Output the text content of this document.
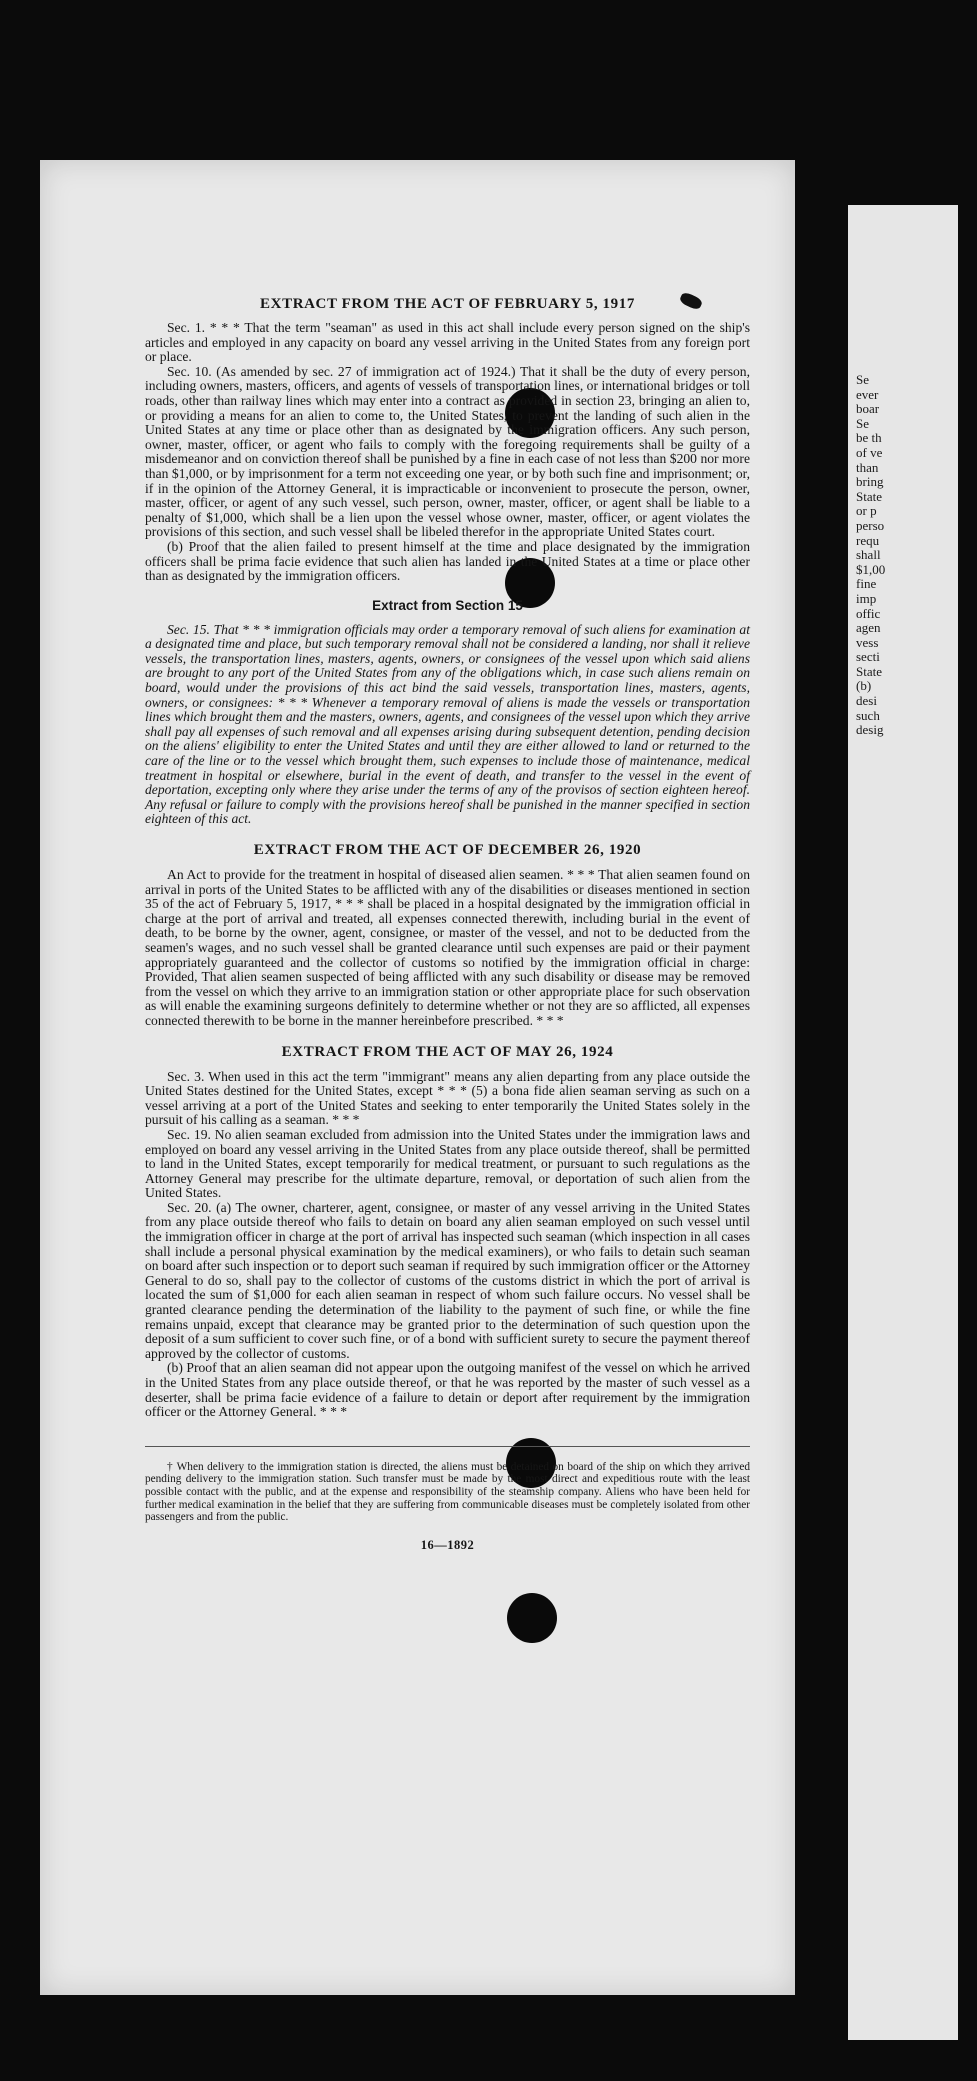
EXTRACT FROM THE ACT OF FEBRUARY 5, 1917

Sec. 1. * * * That the term "seaman" as used in this act shall include every person signed on the ship's articles and employed in any capacity on board any vessel arriving in the United States from any foreign port or place.

Sec. 10. (As amended by sec. 27 of immigration act of 1924.) That it shall be the duty of every person, including owners, masters, officers, and agents of vessels of transportation lines, or international bridges or toll roads, other than railway lines which may enter into a contract as provided in section 23, bringing an alien to, or providing a means for an alien to come to, the United States, to prevent the landing of such alien in the United States at any time or place other than as designated by the immigration officers. Any such person, owner, master, officer, or agent who fails to comply with the foregoing requirements shall be guilty of a misdemeanor and on conviction thereof shall be punished by a fine in each case of not less than $200 nor more than $1,000, or by imprisonment for a term not exceeding one year, or by both such fine and imprisonment; or, if in the opinion of the Attorney General, it is impracticable or inconvenient to prosecute the person, owner, master, officer, or agent of any such vessel, such person, owner, master, officer, or agent shall be liable to a penalty of $1,000, which shall be a lien upon the vessel whose owner, master, officer, or agent violates the provisions of this section, and such vessel shall be libeled therefor in the appropriate United States court.

(b) Proof that the alien failed to present himself at the time and place designated by the immigration officers shall be prima facie evidence that such alien has landed in the United States at a time or place other than as designated by the immigration officers.

Extract from Section 15

Sec. 15. That * * * immigration officials may order a temporary removal of such aliens for examination at a designated time and place, but such temporary removal shall not be considered a landing, nor shall it relieve vessels, the transportation lines, masters, agents, owners, or consignees of the vessel upon which said aliens are brought to any port of the United States from any of the obligations which, in case such aliens remain on board, would under the provisions of this act bind the said vessels, transportation lines, masters, agents, owners, or consignees: * * * Whenever a temporary removal of aliens is made the vessels or transportation lines which brought them and the masters, owners, agents, and consignees of the vessel upon which they arrive shall pay all expenses of such removal and all expenses arising during subsequent detention, pending decision on the aliens' eligibility to enter the United States and until they are either allowed to land or returned to the care of the line or to the vessel which brought them, such expenses to include those of maintenance, medical treatment in hospital or elsewhere, burial in the event of death, and transfer to the vessel in the event of deportation, excepting only where they arise under the terms of any of the provisos of section eighteen hereof. Any refusal or failure to comply with the provisions hereof shall be punished in the manner specified in section eighteen of this act.

EXTRACT FROM THE ACT OF DECEMBER 26, 1920

An Act to provide for the treatment in hospital of diseased alien seamen. * * * That alien seamen found on arrival in ports of the United States to be afflicted with any of the disabilities or diseases mentioned in section 35 of the act of February 5, 1917, * * * shall be placed in a hospital designated by the immigration official in charge at the port of arrival and treated, all expenses connected therewith, including burial in the event of death, to be borne by the owner, agent, consignee, or master of the vessel, and not to be deducted from the seamen's wages, and no such vessel shall be granted clearance until such expenses are paid or their payment appropriately guaranteed and the collector of customs so notified by the immigration official in charge: Provided, That alien seamen suspected of being afflicted with any such disability or disease may be removed from the vessel on which they arrive to an immigration station or other appropriate place for such observation as will enable the examining surgeons definitely to determine whether or not they are so afflicted, all expenses connected therewith to be borne in the manner hereinbefore prescribed. * * *

EXTRACT FROM THE ACT OF MAY 26, 1924

Sec. 3. When used in this act the term "immigrant" means any alien departing from any place outside the United States destined for the United States, except * * * (5) a bona fide alien seaman serving as such on a vessel arriving at a port of the United States and seeking to enter temporarily the United States solely in the pursuit of his calling as a seaman. * * *

Sec. 19. No alien seaman excluded from admission into the United States under the immigration laws and employed on board any vessel arriving in the United States from any place outside thereof, shall be permitted to land in the United States, except temporarily for medical treatment, or pursuant to such regulations as the Attorney General may prescribe for the ultimate departure, removal, or deportation of such alien from the United States.

Sec. 20. (a) The owner, charterer, agent, consignee, or master of any vessel arriving in the United States from any place outside thereof who fails to detain on board any alien seaman employed on such vessel until the immigration officer in charge at the port of arrival has inspected such seaman (which inspection in all cases shall include a personal physical examination by the medical examiners), or who fails to detain such seaman on board after such inspection or to deport such seaman if required by such immigration officer or the Attorney General to do so, shall pay to the collector of customs of the customs district in which the port of arrival is located the sum of $1,000 for each alien seaman in respect of whom such failure occurs. No vessel shall be granted clearance pending the determination of the liability to the payment of such fine, or while the fine remains unpaid, except that clearance may be granted prior to the determination of such question upon the deposit of a sum sufficient to cover such fine, or of a bond with sufficient surety to secure the payment thereof approved by the collector of customs.

(b) Proof that an alien seaman did not appear upon the outgoing manifest of the vessel on which he arrived in the United States from any place outside thereof, or that he was reported by the master of such vessel as a deserter, shall be prima facie evidence of a failure to detain or deport after requirement by the immigration officer or the Attorney General. * * *

† When delivery to the immigration station is directed, the aliens must be detained on board of the ship on which they arrived pending delivery to the immigration station. Such transfer must be made by the most direct and expeditious route with the least possible contact with the public, and at the expense and responsibility of the steamship company. Aliens who have been held for further medical examination in the belief that they are suffering from communicable diseases must be completely isolated from other passengers and from the public.

16—1892
Se
ever
boar
Se
be th
of ve
than
bring
State
or p
perso
requ
shall
$1,00
fine
imp
offic
agen
vess
secti
State
(b)
desi
such
desig
